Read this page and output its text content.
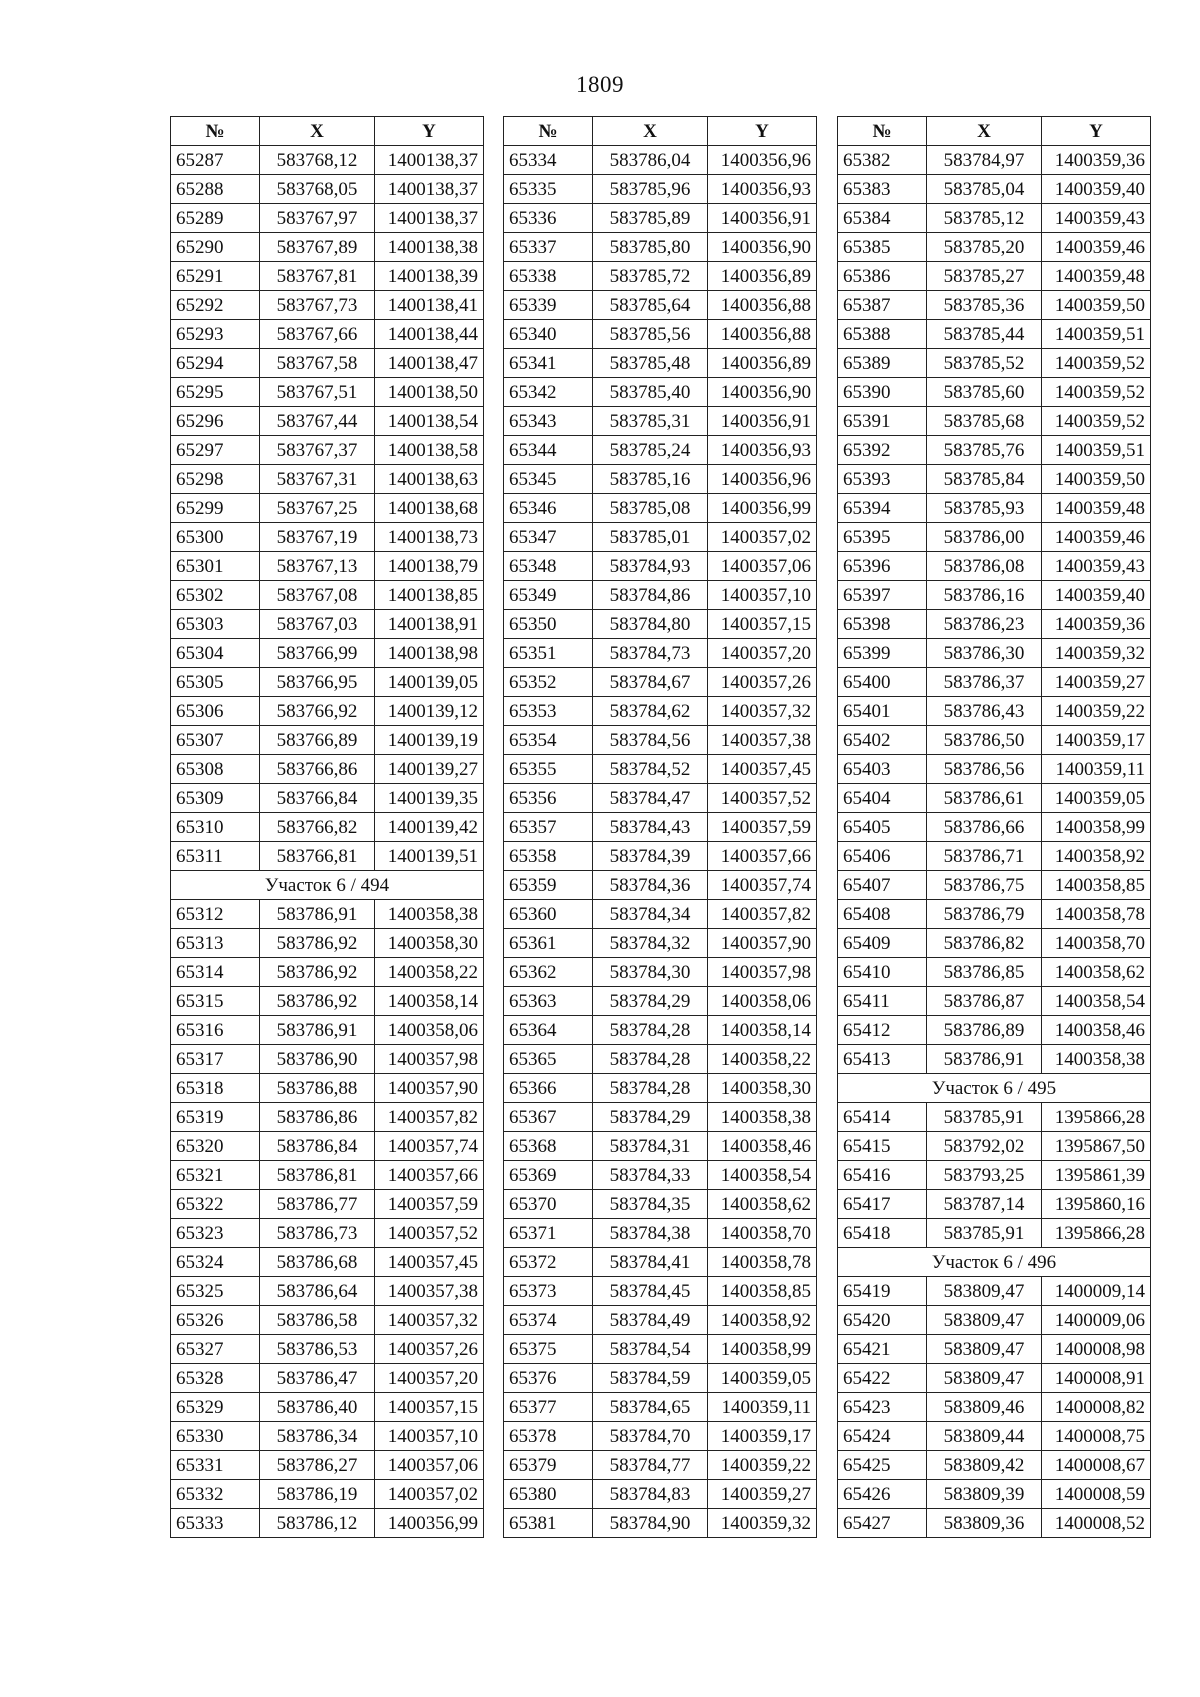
1809
№	X	Y
65287	583768,12	1400138,37
65288	583768,05	1400138,37
65289	583767,97	1400138,37
65290	583767,89	1400138,38
65291	583767,81	1400138,39
65292	583767,73	1400138,41
65293	583767,66	1400138,44
65294	583767,58	1400138,47
65295	583767,51	1400138,50
65296	583767,44	1400138,54
65297	583767,37	1400138,58
65298	583767,31	1400138,63
65299	583767,25	1400138,68
65300	583767,19	1400138,73
65301	583767,13	1400138,79
65302	583767,08	1400138,85
65303	583767,03	1400138,91
65304	583766,99	1400138,98
65305	583766,95	1400139,05
65306	583766,92	1400139,12
65307	583766,89	1400139,19
65308	583766,86	1400139,27
65309	583766,84	1400139,35
65310	583766,82	1400139,42
65311	583766,81	1400139,51
Участок 6 / 494		
65312	583786,91	1400358,38
65313	583786,92	1400358,30
65314	583786,92	1400358,22
65315	583786,92	1400358,14
65316	583786,91	1400358,06
65317	583786,90	1400357,98
65318	583786,88	1400357,90
65319	583786,86	1400357,82
65320	583786,84	1400357,74
65321	583786,81	1400357,66
65322	583786,77	1400357,59
65323	583786,73	1400357,52
65324	583786,68	1400357,45
65325	583786,64	1400357,38
65326	583786,58	1400357,32
65327	583786,53	1400357,26
65328	583786,47	1400357,20
65329	583786,40	1400357,15
65330	583786,34	1400357,10
65331	583786,27	1400357,06
65332	583786,19	1400357,02
65333	583786,12	1400356,99
№	X	Y
65334	583786,04	1400356,96
65335	583785,96	1400356,93
65336	583785,89	1400356,91
65337	583785,80	1400356,90
65338	583785,72	1400356,89
65339	583785,64	1400356,88
65340	583785,56	1400356,88
65341	583785,48	1400356,89
65342	583785,40	1400356,90
65343	583785,31	1400356,91
65344	583785,24	1400356,93
65345	583785,16	1400356,96
65346	583785,08	1400356,99
65347	583785,01	1400357,02
65348	583784,93	1400357,06
65349	583784,86	1400357,10
65350	583784,80	1400357,15
65351	583784,73	1400357,20
65352	583784,67	1400357,26
65353	583784,62	1400357,32
65354	583784,56	1400357,38
65355	583784,52	1400357,45
65356	583784,47	1400357,52
65357	583784,43	1400357,59
65358	583784,39	1400357,66
65359	583784,36	1400357,74
65360	583784,34	1400357,82
65361	583784,32	1400357,90
65362	583784,30	1400357,98
65363	583784,29	1400358,06
65364	583784,28	1400358,14
65365	583784,28	1400358,22
65366	583784,28	1400358,30
65367	583784,29	1400358,38
65368	583784,31	1400358,46
65369	583784,33	1400358,54
65370	583784,35	1400358,62
65371	583784,38	1400358,70
65372	583784,41	1400358,78
65373	583784,45	1400358,85
65374	583784,49	1400358,92
65375	583784,54	1400358,99
65376	583784,59	1400359,05
65377	583784,65	1400359,11
65378	583784,70	1400359,17
65379	583784,77	1400359,22
65380	583784,83	1400359,27
65381	583784,90	1400359,32
№	X	Y
65382	583784,97	1400359,36
65383	583785,04	1400359,40
65384	583785,12	1400359,43
65385	583785,20	1400359,46
65386	583785,27	1400359,48
65387	583785,36	1400359,50
65388	583785,44	1400359,51
65389	583785,52	1400359,52
65390	583785,60	1400359,52
65391	583785,68	1400359,52
65392	583785,76	1400359,51
65393	583785,84	1400359,50
65394	583785,93	1400359,48
65395	583786,00	1400359,46
65396	583786,08	1400359,43
65397	583786,16	1400359,40
65398	583786,23	1400359,36
65399	583786,30	1400359,32
65400	583786,37	1400359,27
65401	583786,43	1400359,22
65402	583786,50	1400359,17
65403	583786,56	1400359,11
65404	583786,61	1400359,05
65405	583786,66	1400358,99
65406	583786,71	1400358,92
65407	583786,75	1400358,85
65408	583786,79	1400358,78
65409	583786,82	1400358,70
65410	583786,85	1400358,62
65411	583786,87	1400358,54
65412	583786,89	1400358,46
65413	583786,91	1400358,38
Участок 6 / 495		
65414	583785,91	1395866,28
65415	583792,02	1395867,50
65416	583793,25	1395861,39
65417	583787,14	1395860,16
65418	583785,91	1395866,28
Участок 6 / 496		
65419	583809,47	1400009,14
65420	583809,47	1400009,06
65421	583809,47	1400008,98
65422	583809,47	1400008,91
65423	583809,46	1400008,82
65424	583809,44	1400008,75
65425	583809,42	1400008,67
65426	583809,39	1400008,59
65427	583809,36	1400008,52
